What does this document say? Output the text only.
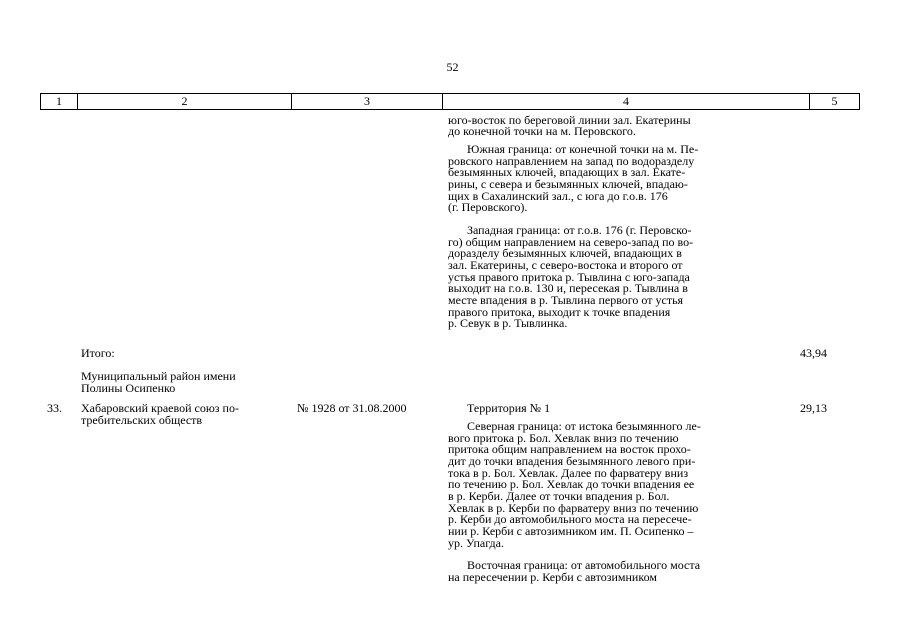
52
1	2	3	4	5
юго-восток по береговой линии зал. Екатерины
до конечной точки на м. Перовского.
Южная граница: от конечной точки на м. Пе-
ровского направлением на запад по водоразделу
безымянных ключей, впадающих в зал. Екате-
рины, с севера и безымянных ключей, впадаю-
щих в Сахалинский зал., с юга до г.о.в. 176
(г. Перовского).
Западная граница: от г.о.в. 176 (г. Перовско-
го) общим направлением на северо-запад по во-
доразделу безымянных ключей, впадающих в
зал. Екатерины, с северо-востока и второго от
устья правого притока р. Тывлина с юго-запада
выходит на г.о.в. 130 и, пересекая р. Тывлина в
месте впадения в р. Тывлина первого от устья
правого притока, выходит к точке впадения
р. Севук в р. Тывлинка.
Итого:	43,94
Муниципальный район имени
Полины Осипенко
33. Хабаровский краевой союз по-
требительских обществ
№ 1928 от 31.08.2000	Территория № 1	29,13
Северная граница: от истока безымянного ле-
вого притока р. Бол. Хевлак вниз по течению
притока общим направлением на восток прохо-
дит до точки впадения безымянного левого при-
тока в р. Бол. Хевлак. Далее по фарватеру вниз
по течению р. Бол. Хевлак до точки впадения ее
в р. Керби. Далее от точки впадения р. Бол.
Хевлак в р. Керби по фарватеру вниз по течению
р. Керби до автомобильного моста на пересече-
нии р. Керби с автозимником им. П. Осипенко –
ур. Упагда.
Восточная граница: от автомобильного моста
на пересечении р. Керби с автозимником
